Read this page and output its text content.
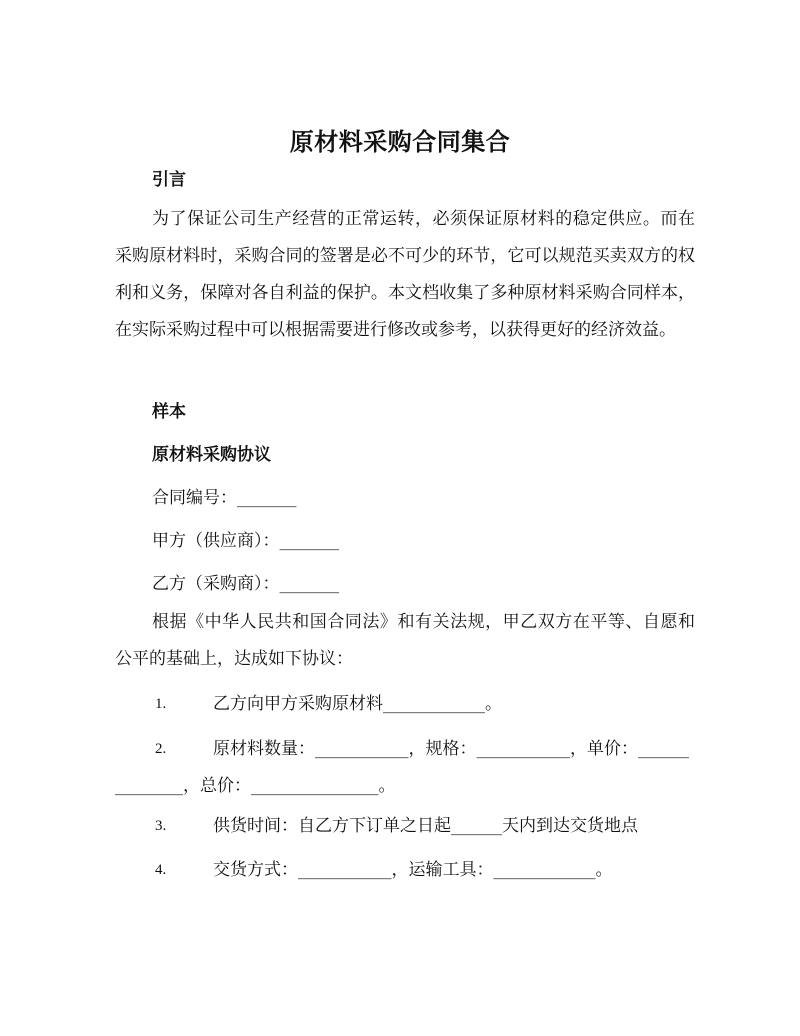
原材料采购合同集合
引言

为了保证公司生产经营的正常运转，必须保证原材料的稳定供应。而在采购原材料时，采购合同的签署是必不可少的环节，它可以规范买卖双方的权利和义务，保障对各自利益的保护。本文档收集了多种原材料采购合同样本，在实际采购过程中可以根据需要进行修改或参考，以获得更好的经济效益。

样本
原材料采购协议
合同编号：_______
甲方（供应商）：_______
乙方（采购商）：_______

根据《中华人民共和国合同法》和有关法规，甲乙双方在平等、自愿和公平的基础上，达成如下协议：

1.	乙方向甲方采购原材料____________。
2.	原材料数量：___________，规格：___________，单价：______________，总价：_______________。
3.	供货时间：自乙方下订单之日起______天内到达交货地点
4.	交货方式：___________，运输工具：____________。
